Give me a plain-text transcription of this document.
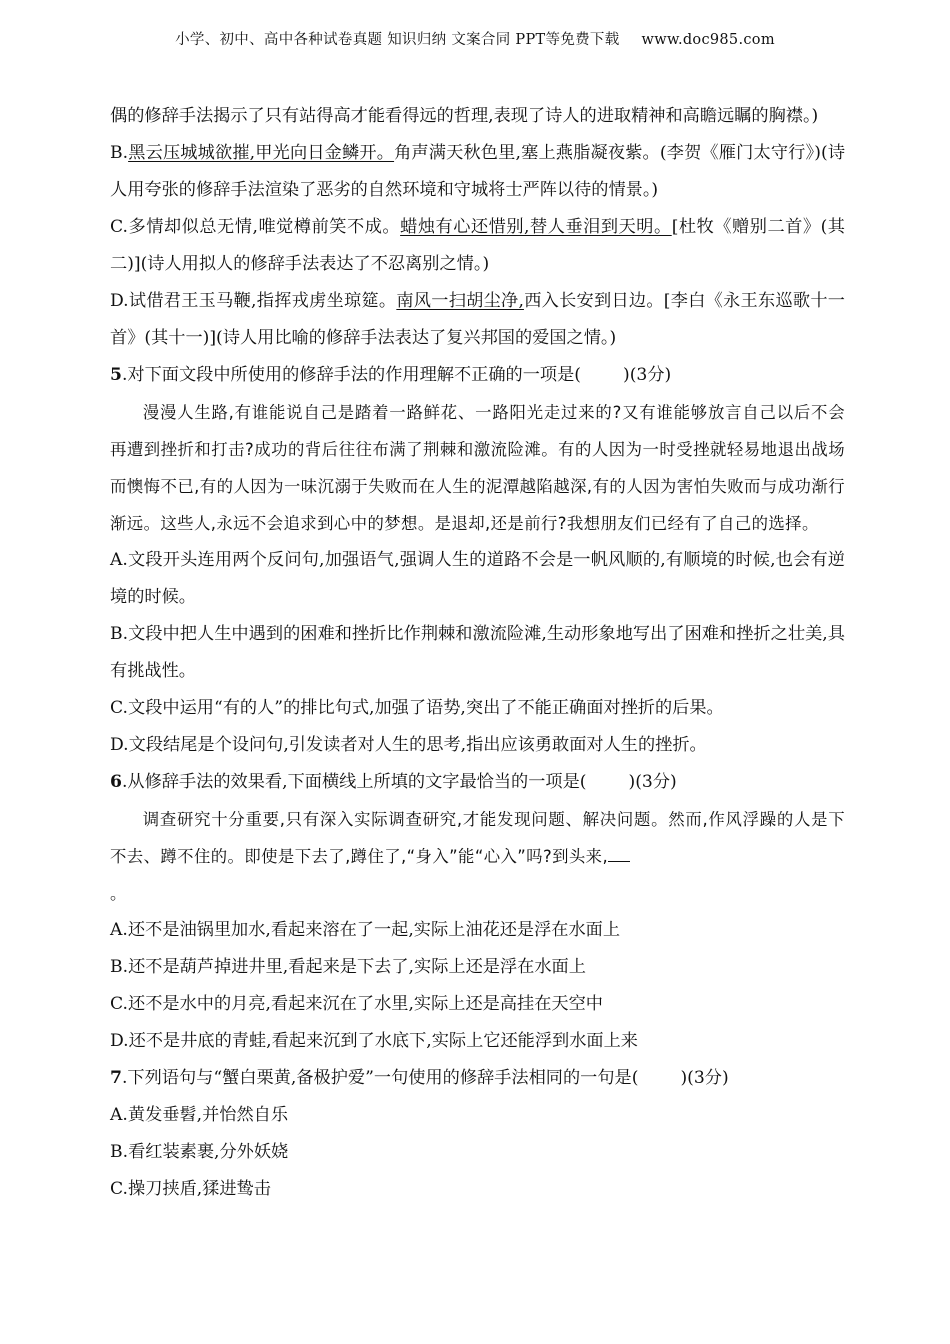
小学、初中、高中各种试卷真题 知识归纳 文案合同 PPT等免费下载 www.doc985.com

偶的修辞手法揭示了只有站得高才能看得远的哲理,表现了诗人的进取精神和高瞻远瞩的胸襟。)

B.黑云压城城欲摧,甲光向日金鳞开。角声满天秋色里,塞上燕脂凝夜紫。(李贺《雁门太守行》)(诗人用夸张的修辞手法渲染了恶劣的自然环境和守城将士严阵以待的情景。)

C.多情却似总无情,唯觉樽前笑不成。蜡烛有心还惜别,替人垂泪到天明。[杜牧《赠别二首》(其二)](诗人用拟人的修辞手法表达了不忍离别之情。)

D.试借君王玉马鞭,指挥戎虏坐琼筵。南风一扫胡尘净,西入长安到日边。[李白《永王东巡歌十一首》(其十一)](诗人用比喻的修辞手法表达了复兴邦国的爱国之情。)

5.对下面文段中所使用的修辞手法的作用理解不正确的一项是( )(3分)

漫漫人生路,有谁能说自己是踏着一路鲜花、一路阳光走过来的?又有谁能够放言自己以后不会再遭到挫折和打击?成功的背后往往布满了荆棘和激流险滩。有的人因为一时受挫就轻易地退出战场而懊悔不已,有的人因为一味沉溺于失败而在人生的泥潭越陷越深,有的人因为害怕失败而与成功渐行渐远。这些人,永远不会追求到心中的梦想。是退却,还是前行?我想朋友们已经有了自己的选择。

A.文段开头连用两个反问句,加强语气,强调人生的道路不会是一帆风顺的,有顺境的时候,也会有逆境的时候。

B.文段中把人生中遇到的困难和挫折比作荆棘和激流险滩,生动形象地写出了困难和挫折之壮美,具有挑战性。

C.文段中运用“有的人”的排比句式,加强了语势,突出了不能正确面对挫折的后果。

D.文段结尾是个设问句,引发读者对人生的思考,指出应该勇敢面对人生的挫折。

6.从修辞手法的效果看,下面横线上所填的文字最恰当的一项是( )(3分)

调查研究十分重要,只有深入实际调查研究,才能发现问题、解决问题。然而,作风浮躁的人是下不去、蹲不住的。即使是下去了,蹲住了,“身入”能“心入”吗?到头来,
。

A.还不是油锅里加水,看起来溶在了一起,实际上油花还是浮在水面上

B.还不是葫芦掉进井里,看起来是下去了,实际上还是浮在水面上

C.还不是水中的月亮,看起来沉在了水里,实际上还是高挂在天空中

D.还不是井底的青蛙,看起来沉到了水底下,实际上它还能浮到水面上来

7.下列语句与“蟹白栗黄,备极护爱”一句使用的修辞手法相同的一句是( )(3分)

A.黄发垂髫,并怡然自乐

B.看红装素裹,分外妖娆

C.操刀挟盾,猱进鸷击
